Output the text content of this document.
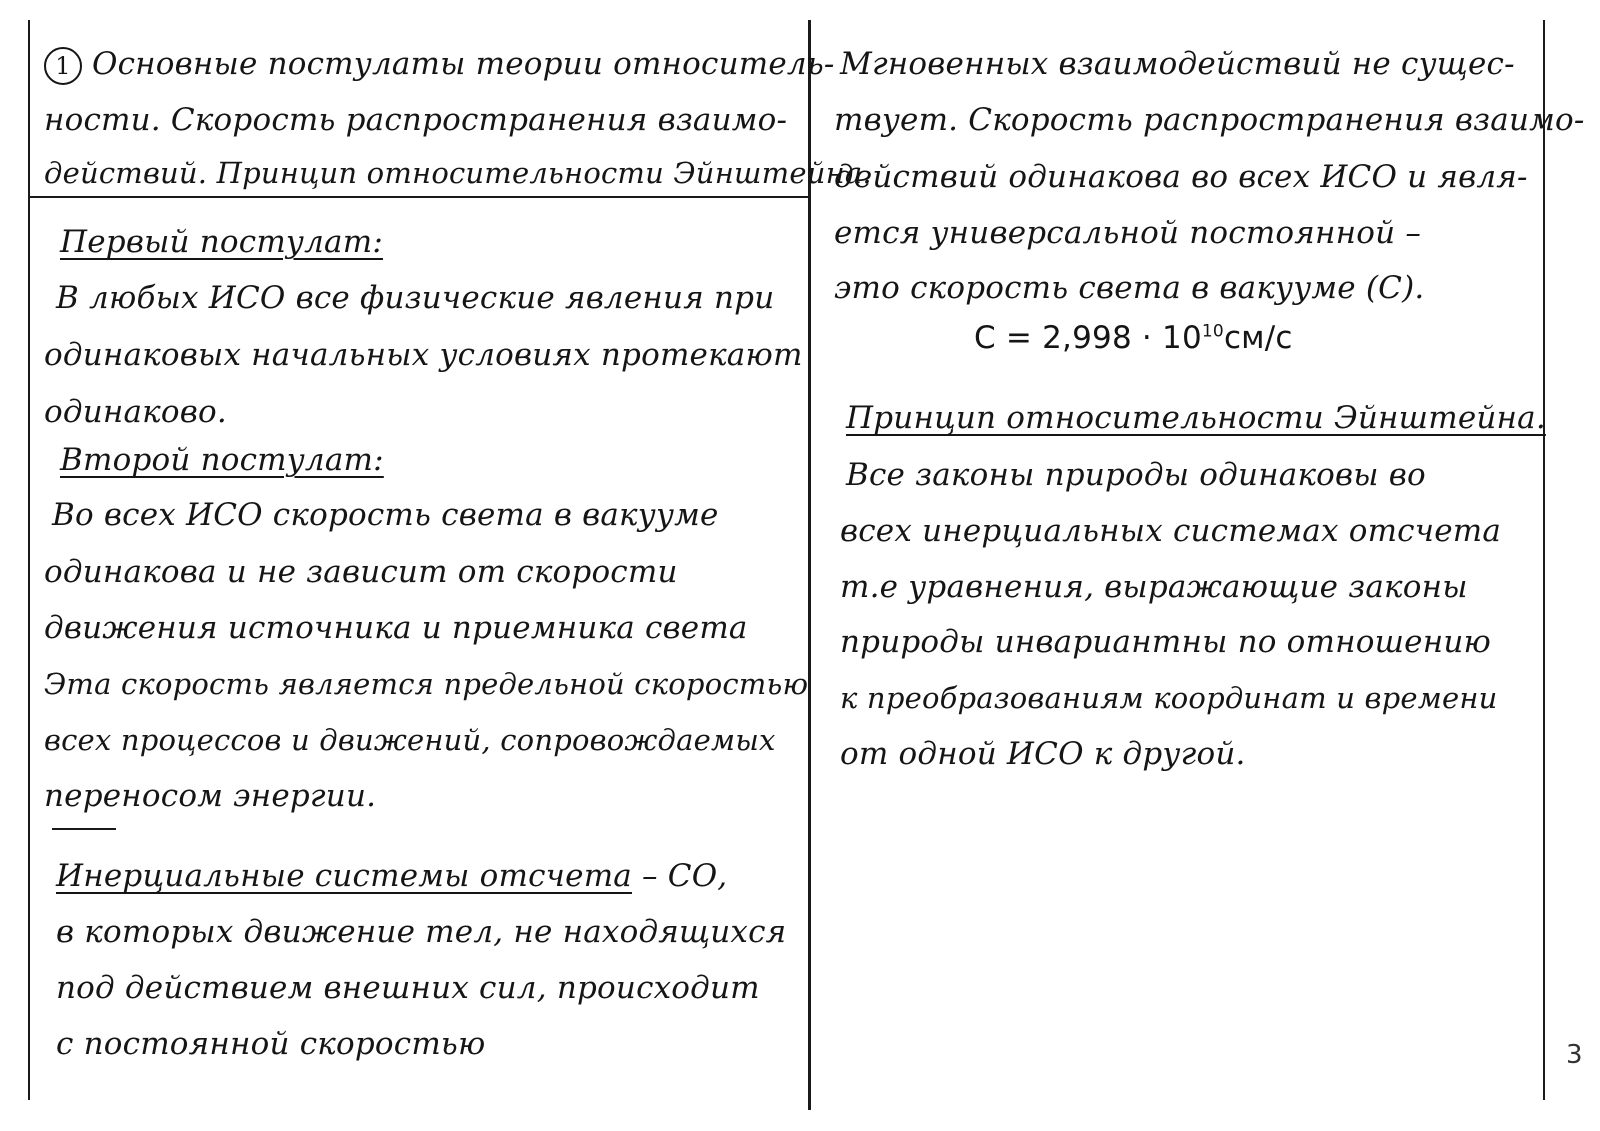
1 Основные постулаты теории относитель-
ности. Скорость распространения взаимо-
действий. Принцип относительности Эйнштейна.
Первый постулат:
В любых ИСО все физические явления при
одинаковых начальных условиях протекают
одинаково.
Второй постулат:
Во всех ИСО скорость света в вакууме
одинакова и не зависит от скорости
движения источника и приемника света
Эта скорость является предельной скоростью
всех процессов и движений, сопровождаемых
переносом энергии.
Инерциальные системы отсчета – СО,
в которых движение тел, не находящихся
под действием внешних сил, происходит
с постоянной скоростью
Мгновенных взаимодействий не сущес-
твует. Скорость распространения взаимо-
действий одинакова во всех ИСО и явля-
ется универсальной постоянной –
это скорость света в вакууме (С).
$С = 2,998 \cdot 10^{10}см/с$
Принцип относительности Эйнштейна.
Все законы природы одинаковы во
всех инерциальных системах отсчета
т.е уравнения, выражающие законы
природы инвариантны по отношению
к преобразованиям координат и времени
от одной ИСО к другой.
3
